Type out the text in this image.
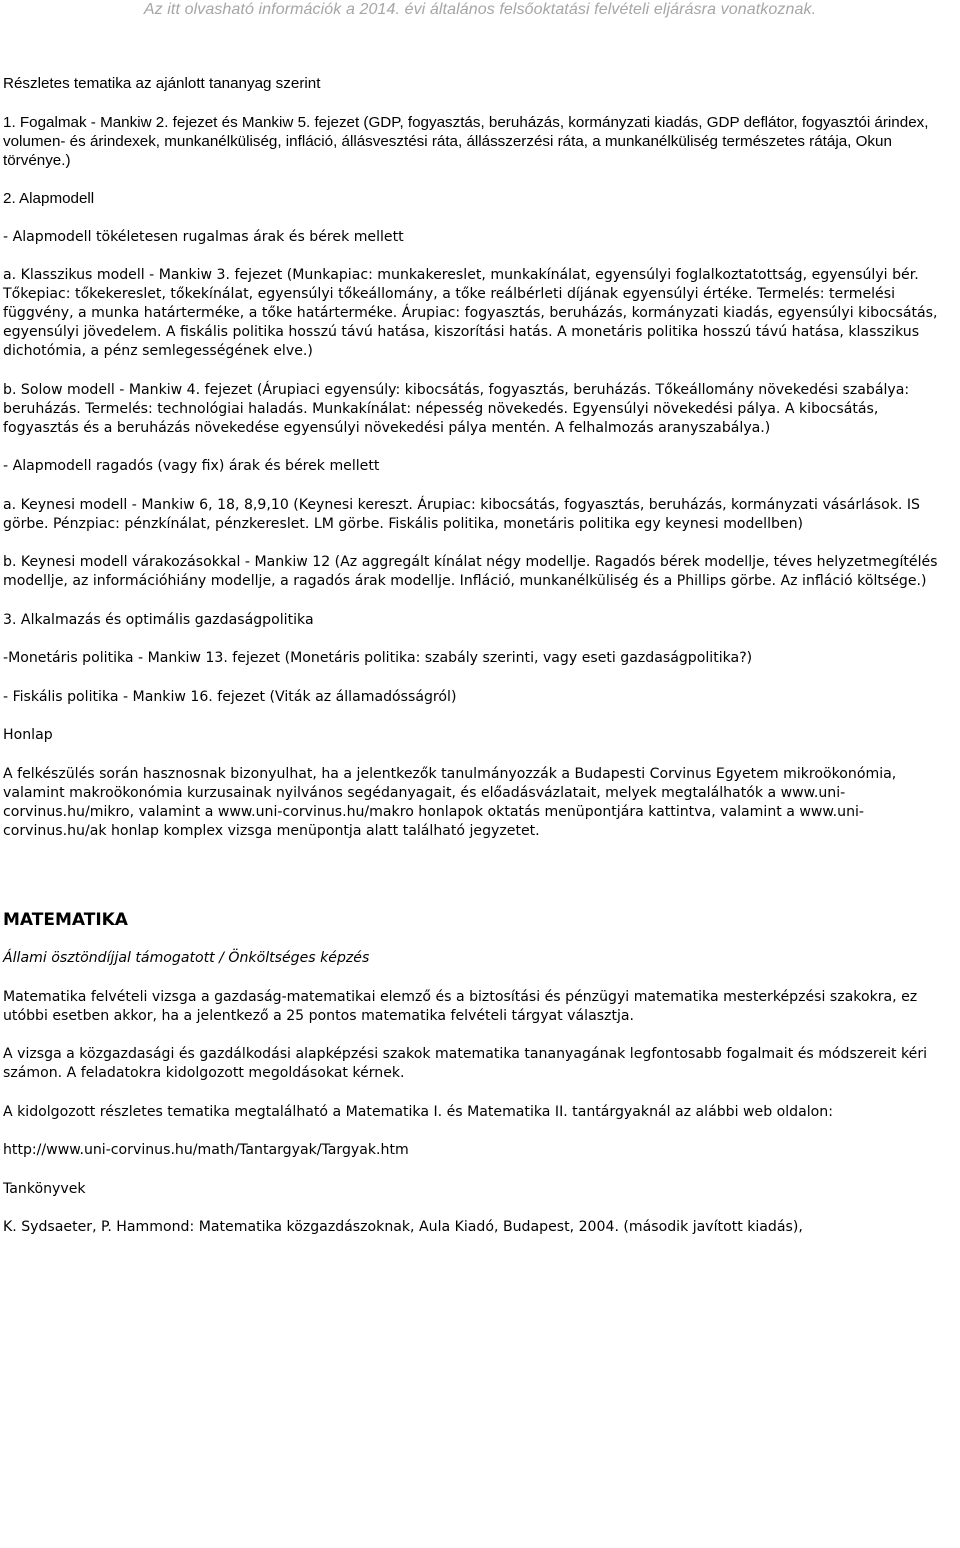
Az itt olvasható információk a 2014. évi általános felsőoktatási felvételi eljárásra vonatkoznak.

Részletes tematika az ajánlott tananyag szerint

1. Fogalmak - Mankiw 2. fejezet és Mankiw 5. fejezet (GDP, fogyasztás, beruházás, kormányzati kiadás, GDP deflátor, fogyasztói árindex, volumen- és árindexek, munkanélküliség, infláció, állásvesztési ráta, állásszerzési ráta, a munkanélküliség természetes rátája, Okun törvénye.)

2. Alapmodell

- Alapmodell tökéletesen rugalmas árak és bérek mellett

a. Klasszikus modell - Mankiw 3. fejezet (Munkapiac: munkakereslet, munkakínálat, egyensúlyi foglalkoztatottság, egyensúlyi bér. Tőkepiac: tőkekereslet, tőkekínálat, egyensúlyi tőkeállomány, a tőke reálbérleti díjának egyensúlyi értéke. Termelés: termelési függvény, a munka határterméke, a tőke határterméke. Árupiac: fogyasztás, beruházás, kormányzati kiadás, egyensúlyi kibocsátás, egyensúlyi jövedelem. A fiskális politika hosszú távú hatása, kiszorítási hatás. A monetáris politika hosszú távú hatása, klasszikus dichotómia, a pénz semlegességének elve.)

b. Solow modell - Mankiw 4. fejezet (Árupiaci egyensúly: kibocsátás, fogyasztás, beruházás. Tőkeállomány növekedési szabálya: beruházás. Termelés: technológiai haladás. Munkakínálat: népesség növekedés. Egyensúlyi növekedési pálya. A kibocsátás, fogyasztás és a beruházás növekedése egyensúlyi növekedési pálya mentén. A felhalmozás aranyszabálya.)

- Alapmodell ragadós (vagy fix) árak és bérek mellett

a. Keynesi modell - Mankiw 6, 18, 8,9,10 (Keynesi kereszt. Árupiac: kibocsátás, fogyasztás, beruházás, kormányzati vásárlások. IS görbe. Pénzpiac: pénzkínálat, pénzkereslet. LM görbe. Fiskális politika, monetáris politika egy keynesi modellben)

b. Keynesi modell várakozásokkal - Mankiw 12 (Az aggregált kínálat négy modellje. Ragadós bérek modellje, téves helyzetmegítélés modellje, az információhiány modellje, a ragadós árak modellje. Infláció, munkanélküliség és a Phillips görbe. Az infláció költsége.)

3. Alkalmazás és optimális gazdaságpolitika

-Monetáris politika - Mankiw 13. fejezet (Monetáris politika: szabály szerinti, vagy eseti gazdaságpolitika?)

- Fiskális politika - Mankiw 16. fejezet (Viták az államadósságról)

Honlap

A felkészülés során hasznosnak bizonyulhat, ha a jelentkezők tanulmányozzák a Budapesti Corvinus Egyetem mikroökonómia, valamint makroökonómia kurzusainak nyilvános segédanyagait, és előadásvázlatait, melyek megtalálhatók a www.uni-corvinus.hu/mikro, valamint a www.uni-corvinus.hu/makro honlapok oktatás menüpontjára kattintva, valamint a www.uni-corvinus.hu/ak honlap komplex vizsga menüpontja alatt található jegyzetet.

MATEMATIKA

Állami ösztöndíjjal támogatott / Önköltséges képzés

Matematika felvételi vizsga a gazdaság-matematikai elemző és a biztosítási és pénzügyi matematika mesterképzési szakokra, ez utóbbi esetben akkor, ha a jelentkező a 25 pontos matematika felvételi tárgyat választja.

A vizsga a közgazdasági és gazdálkodási alapképzési szakok matematika tananyagának legfontosabb fogalmait és módszereit kéri számon. A feladatokra kidolgozott megoldásokat kérnek.

A kidolgozott részletes tematika megtalálható a Matematika I. és Matematika II. tantárgyaknál az alábbi web oldalon:

http://www.uni-corvinus.hu/math/Tantargyak/Targyak.htm

Tankönyvek

K. Sydsaeter, P. Hammond: Matematika közgazdászoknak, Aula Kiadó, Budapest, 2004. (második javított kiadás),
